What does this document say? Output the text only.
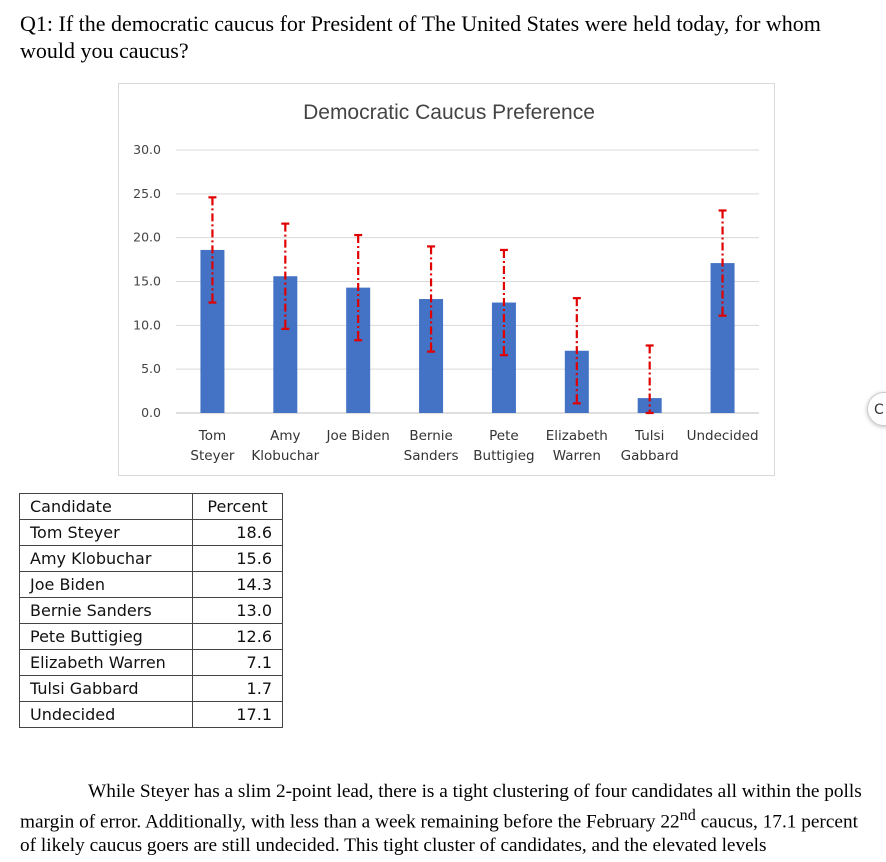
Q1: If the democratic caucus for President of The United States were held today, for whom would you caucus?

Democratic Caucus Preference
0.0
5.0
10.0
15.0
20.0
25.0
30.0
Tom
Steyer
Amy
Klobuchar
Joe Biden Bernie
Sanders
Pete
Buttigieg
Elizabeth
Warren
Tulsi
Gabbard
Undecided
Candidate	Percent
Tom Steyer	18.6
Amy Klobuchar	15.6
Joe Biden	14.3
Bernie Sanders	13.0
Pete Buttigieg	12.6
Elizabeth Warren	7.1
Tulsi Gabbard	1.7
Undecided	17.1

While Steyer has a slim 2-point lead, there is a tight clustering of four candidates all within the polls margin of error. Additionally, with less than a week remaining before the February 22nd caucus, 17.1 percent of likely caucus goers are still undecided. This tight cluster of candidates, and the elevated levels

C
